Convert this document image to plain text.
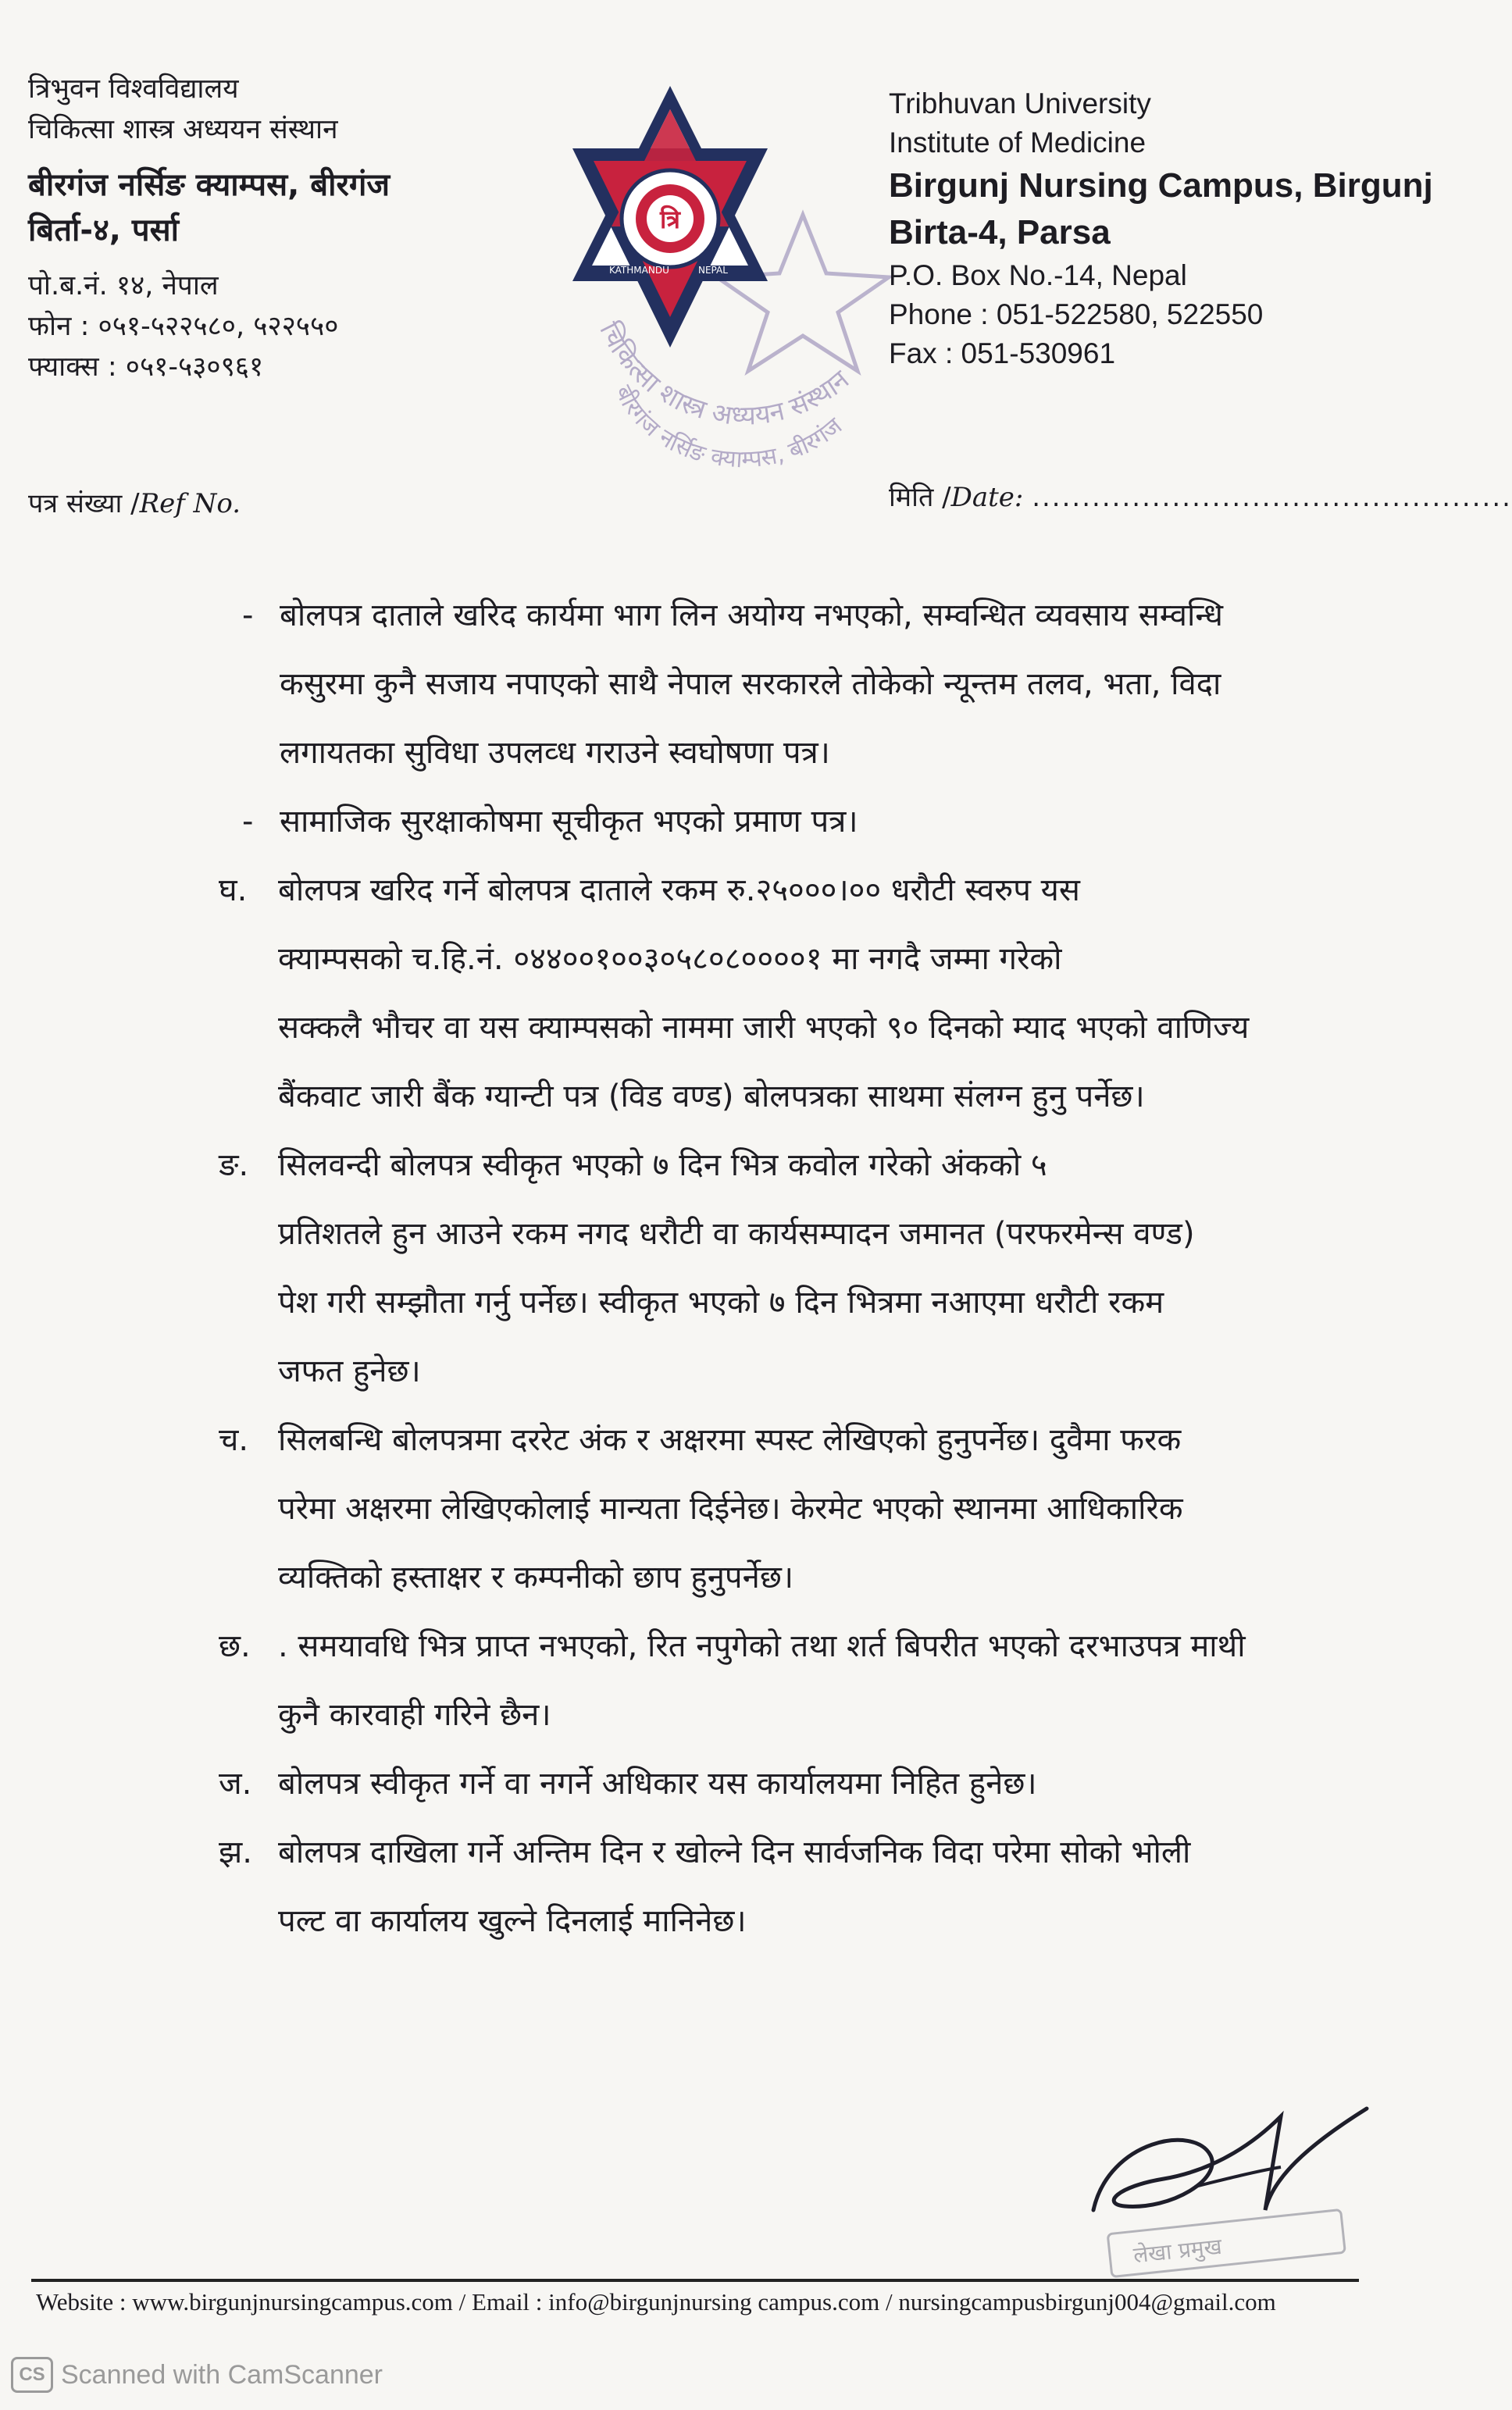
त्रिभुवन विश्वविद्यालय
चिकित्सा शास्त्र अध्ययन संस्थान
बीरगंज नर्सिङ क्याम्पस, बीरगंज
बिर्ता-४, पर्सा
पो.ब.नं. १४, नेपाल
फोन : ०५१-५२२५८०, ५२२५५०
फ्याक्स : ०५१-५३०९६१
चिकित्सा शास्त्र अध्ययन संस्थान
बीरगंज नर्सिङ क्याम्पस, बीरगंज
त्रि
KATHMANDU	NEPAL
Tribhuvan University
Institute of Medicine
Birgunj Nursing Campus, Birgunj
Birta-4, Parsa
P.O. Box No.-14, Nepal
Phone : 051-522580, 522550
Fax : 051-530961
पत्र संख्या /Ref No.	मिति /Date: ................................................
- बोलपत्र दाताले खरिद कार्यमा भाग लिन अयोग्य नभएको, सम्वन्धित व्यवसाय सम्वन्धि
कसुरमा कुनै सजाय नपाएको साथै नेपाल सरकारले तोकेको न्यून्तम तलव, भता, विदा
लगायतका सुविधा उपलव्ध गराउने स्वघोषणा पत्र।
- सामाजिक सुरक्षाकोषमा सूचीकृत भएको प्रमाण पत्र।
घ. बोलपत्र खरिद गर्ने बोलपत्र दाताले रकम रु.२५०००।०० धरौटी स्वरुप यस
क्याम्पसको च.हि.नं. ०४४००१००३०५८०८००००१ मा नगदै जम्मा गरेको
सक्कलै भौचर वा यस क्याम्पसको नाममा जारी भएको ९० दिनको म्याद भएको वाणिज्य
बैंकवाट जारी बैंक ग्यान्टी पत्र (विड वण्ड) बोलपत्रका साथमा संलग्न हुनु पर्नेछ।
ङ. सिलवन्दी बोलपत्र स्वीकृत भएको ७ दिन भित्र कवोल गरेको अंकको ५
प्रतिशतले हुन आउने रकम नगद धरौटी वा कार्यसम्पादन जमानत (परफरमेन्स वण्ड)
पेश गरी सम्झौता गर्नु पर्नेछ। स्वीकृत भएको ७ दिन भित्रमा नआएमा धरौटी रकम
जफत हुनेछ।
च. सिलबन्धि बोलपत्रमा दररेट अंक र अक्षरमा स्पस्ट लेखिएको हुनुपर्नेछ। दुवैमा फरक
परेमा अक्षरमा लेखिएकोलाई मान्यता दिईनेछ। केरमेट भएको स्थानमा आधिकारिक
व्यक्तिको हस्ताक्षर र कम्पनीको छाप हुनुपर्नेछ।
छ. . समयावधि भित्र प्राप्त नभएको, रित नपुगेको तथा शर्त बिपरीत भएको दरभाउपत्र माथी
कुनै कारवाही गरिने छैन।
ज. बोलपत्र स्वीकृत गर्ने वा नगर्ने अधिकार यस कार्यालयमा निहित हुनेछ।
झ. बोलपत्र दाखिला गर्ने अन्तिम दिन र खोल्ने दिन सार्वजनिक विदा परेमा सोको भोली
पल्ट वा कार्यालय खुल्ने दिनलाई मानिनेछ।
लेखा प्रमुख
Website : www.birgunjnursingcampus.com / Email : info@birgunjnursing campus.com / nursingcampusbirgunj004@gmail.com
CS Scanned with CamScanner
